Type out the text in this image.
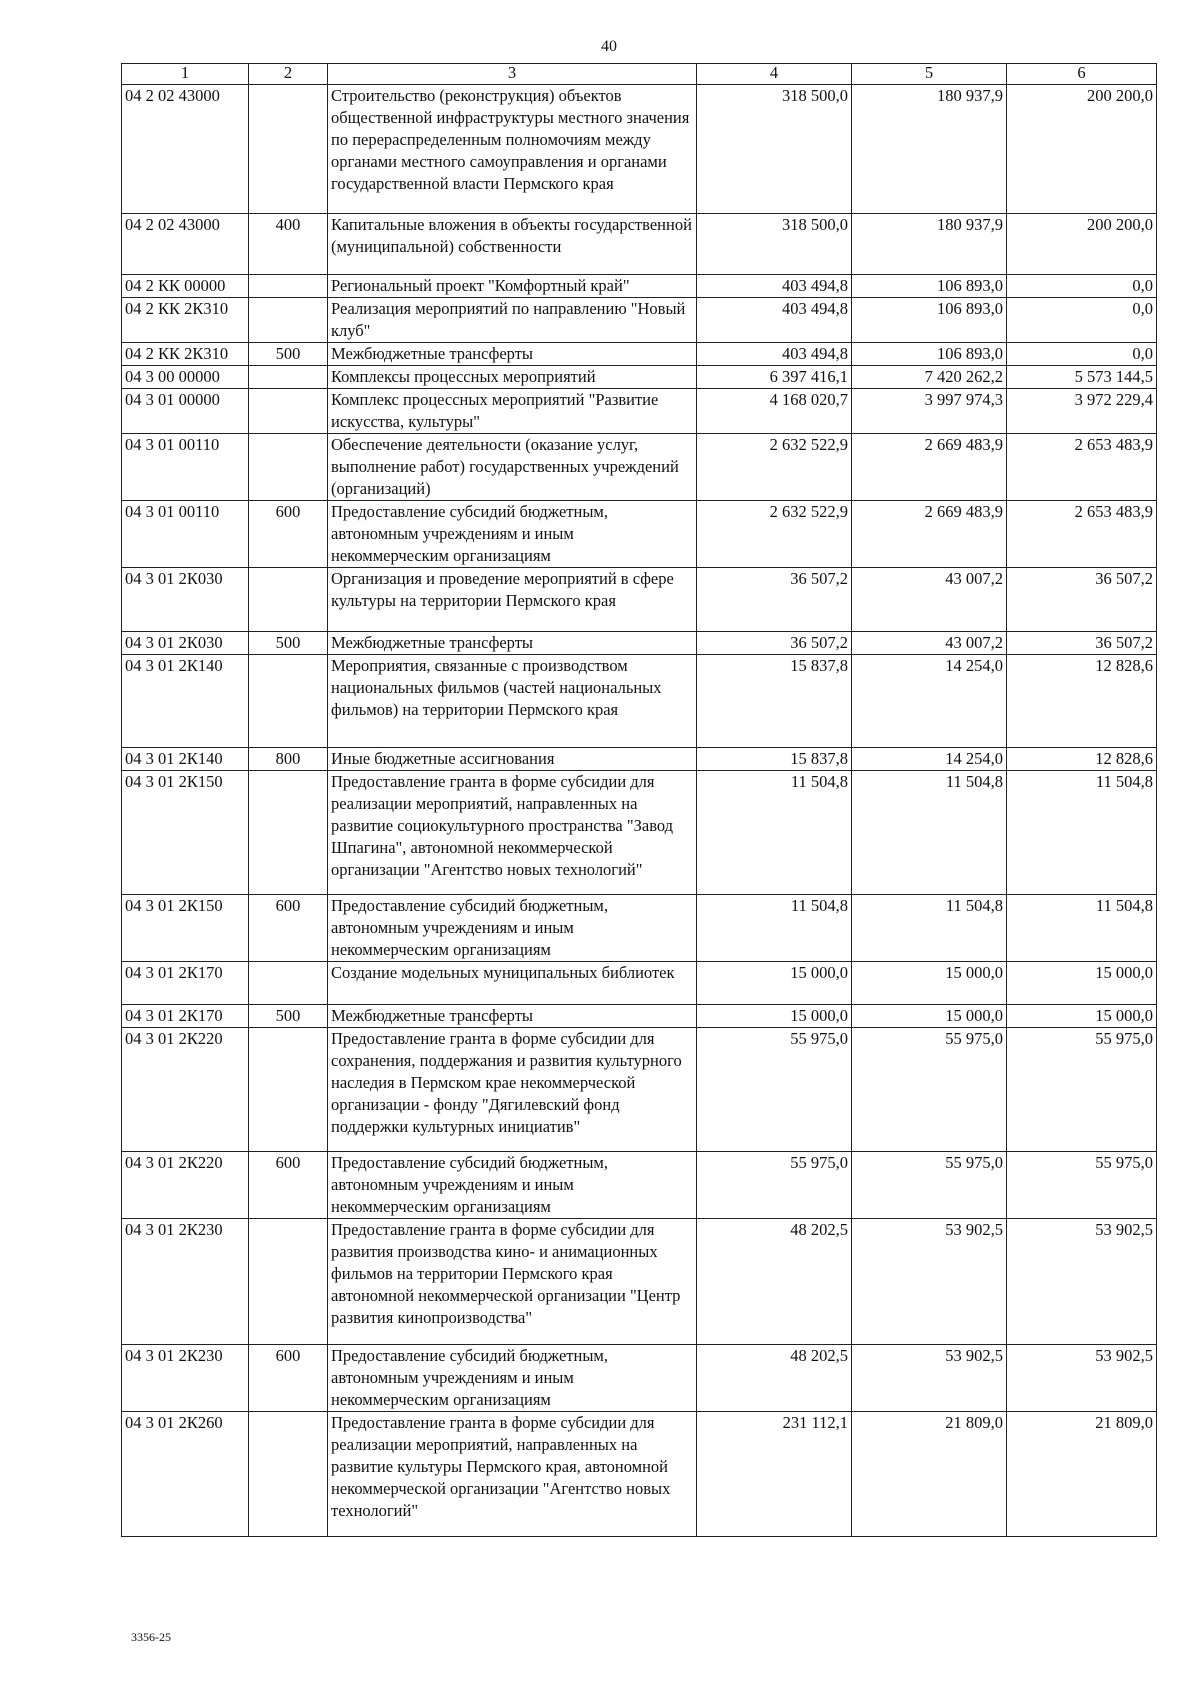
40
1	2	3	4	5	6
04 2 02 43000		Строительство (реконструкция) объектов общественной инфраструктуры местного значения по перераспределенным полномочиям между органами местного самоуправления и органами государственной власти Пермского края	318 500,0	180 937,9	200 200,0
04 2 02 43000	400	Капитальные вложения в объекты государственной (муниципальной) собственности	318 500,0	180 937,9	200 200,0
04 2 КК 00000		Региональный проект "Комфортный край"	403 494,8	106 893,0	0,0
04 2 КК 2К310		Реализация мероприятий по направлению "Новый клуб"	403 494,8	106 893,0	0,0
04 2 КК 2К310	500	Межбюджетные трансферты	403 494,8	106 893,0	0,0
04 3 00 00000		Комплексы процессных мероприятий	6 397 416,1	7 420 262,2	5 573 144,5
04 3 01 00000		Комплекс процессных мероприятий "Развитие искусства, культуры"	4 168 020,7	3 997 974,3	3 972 229,4
04 3 01 00110		Обеспечение деятельности (оказание услуг, выполнение работ) государственных учреждений (организаций)	2 632 522,9	2 669 483,9	2 653 483,9
04 3 01 00110	600	Предоставление субсидий бюджетным, автономным учреждениям и иным некоммерческим организациям	2 632 522,9	2 669 483,9	2 653 483,9
04 3 01 2К030		Организация и проведение мероприятий в сфере культуры на территории Пермского края	36 507,2	43 007,2	36 507,2
04 3 01 2К030	500	Межбюджетные трансферты	36 507,2	43 007,2	36 507,2
04 3 01 2К140		Мероприятия, связанные с производством национальных фильмов (частей национальных фильмов) на территории Пермского края	15 837,8	14 254,0	12 828,6
04 3 01 2К140	800	Иные бюджетные ассигнования	15 837,8	14 254,0	12 828,6
04 3 01 2К150		Предоставление гранта в форме субсидии для реализации мероприятий, направленных на развитие социокультурного пространства "Завод Шпагина", автономной некоммерческой организации "Агентство новых технологий"	11 504,8	11 504,8	11 504,8
04 3 01 2К150	600	Предоставление субсидий бюджетным, автономным учреждениям и иным некоммерческим организациям	11 504,8	11 504,8	11 504,8
04 3 01 2К170		Создание модельных муниципальных библиотек	15 000,0	15 000,0	15 000,0
04 3 01 2К170	500	Межбюджетные трансферты	15 000,0	15 000,0	15 000,0
04 3 01 2К220		Предоставление гранта в форме субсидии для сохранения, поддержания и развития культурного наследия в Пермском крае некоммерческой организации - фонду "Дягилевский фонд поддержки культурных инициатив"	55 975,0	55 975,0	55 975,0
04 3 01 2К220	600	Предоставление субсидий бюджетным, автономным учреждениям и иным некоммерческим организациям	55 975,0	55 975,0	55 975,0
04 3 01 2К230		Предоставление гранта в форме субсидии для развития производства кино- и анимационных фильмов на территории Пермского края автономной некоммерческой организации "Центр развития кинопроизводства"	48 202,5	53 902,5	53 902,5
04 3 01 2К230	600	Предоставление субсидий бюджетным, автономным учреждениям и иным некоммерческим организациям	48 202,5	53 902,5	53 902,5
04 3 01 2К260		Предоставление гранта в форме субсидии для реализации мероприятий, направленных на развитие культуры Пермского края, автономной некоммерческой организации "Агентство новых технологий"	231 112,1	21 809,0	21 809,0
3356-25
